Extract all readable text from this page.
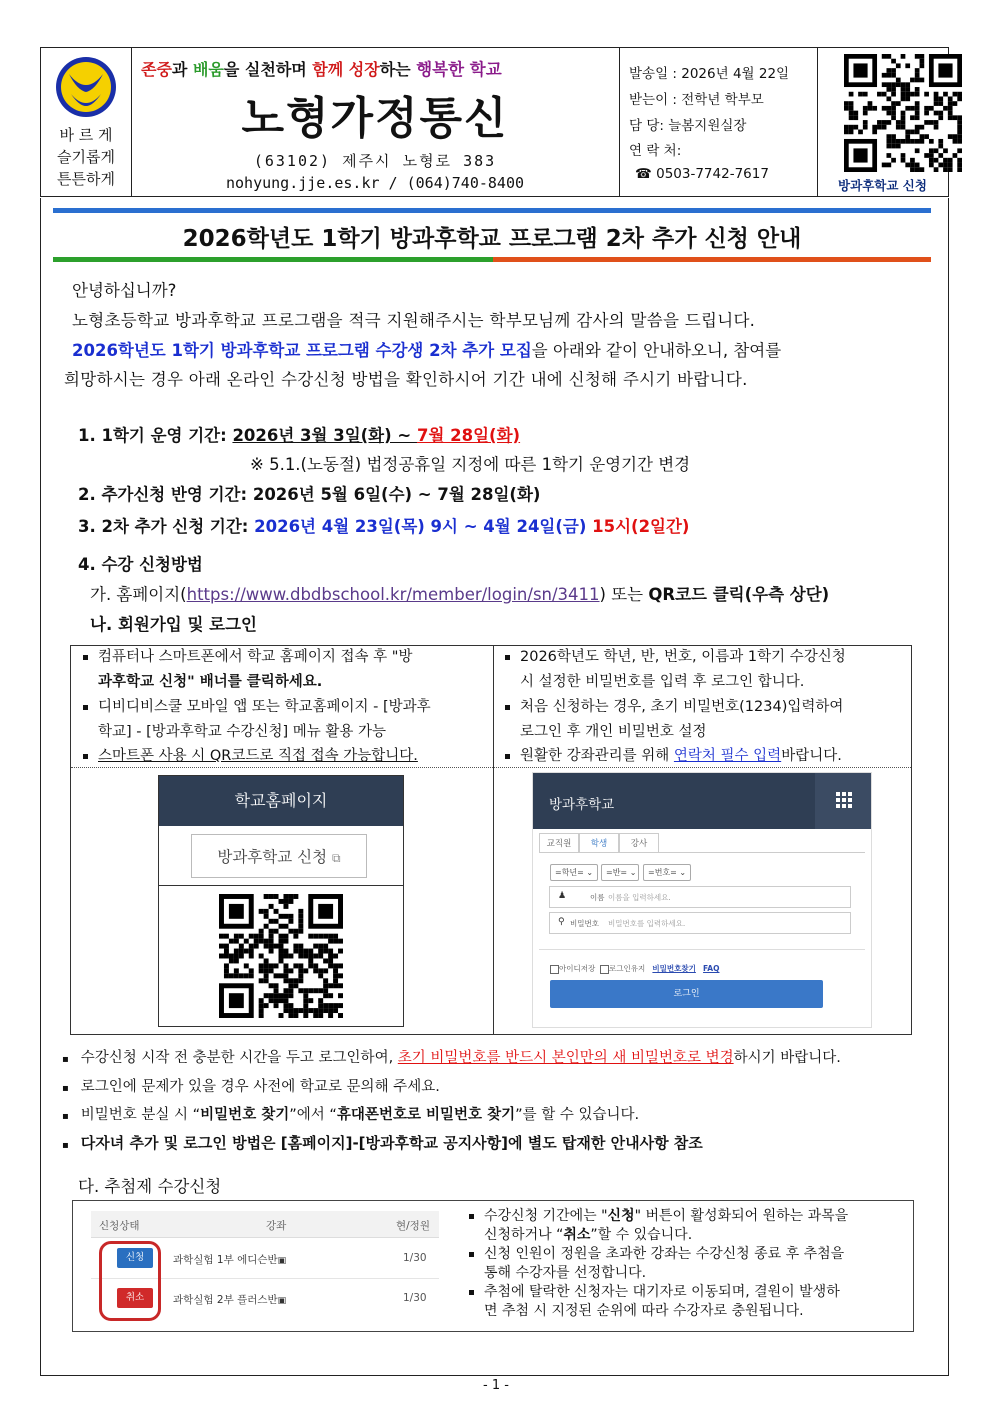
바 르 게
슬기롭게
튼튼하게
존중과 배움을 실천하며 함께 성장하는 행복한 학교
노형가정통신
(63102) 제주시 노형로 383
nohyung.jje.es.kr / (064)740-8400
발송일 : 2026년 4월 22일
받는이 : 전학년 학부모
담 당: 늘봄지원실장
연 락 처:
☎ 0503-7742-7617
방과후학교 신청
2026학년도 1학기 방과후학교 프로그램 2차 추가 신청 안내
안녕하십니까?
노형초등학교 방과후학교 프로그램을 적극 지원해주시는 학부모님께 감사의 말씀을 드립니다.
2026학년도 1학기 방과후학교 프로그램 수강생 2차 추가 모집을 아래와 같이 안내하오니, 참여를
희망하시는 경우 아래 온라인 수강신청 방법을 확인하시어 기간 내에 신청해 주시기 바랍니다.
1. 1학기 운영 기간: 2026년 3월 3일(화) ~ 7월 28일(화)
※ 5.1.(노동절) 법정공휴일 지정에 따른 1학기 운영기간 변경
2. 추가신청 반영 기간: 2026년 5월 6일(수) ~ 7월 28일(화)
3. 2차 추가 신청 기간: 2026년 4월 23일(목) 9시 ~ 4월 24일(금) 15시(2일간)
4. 수강 신청방법
가. 홈페이지(https://www.dbdbschool.kr/member/login/sn/3411) 또는 QR코드 클릭(우측 상단)
나. 회원가입 및 로그인
컴퓨터나 스마트폰에서 학교 홈페이지 접속 후 "방
과후학교 신청" 배너를 클릭하세요.
디비디비스쿨 모바일 앱 또는 학교홈페이지 - [방과후
학교] - [방과후학교 수강신청] 메뉴 활용 가능
스마트폰 사용 시 QR코드로 직접 접속 가능합니다.
2026학년도 학년, 반, 번호, 이름과 1학기 수강신청
시 설정한 비밀번호를 입력 후 로그인 합니다.
처음 신청하는 경우, 초기 비밀번호(1234)입력하여
로그인 후 개인 비밀번호 설정
원활한 강좌관리를 위해 연락처 필수 입력바랍니다.
학교홈페이지
방과후학교 신청 ⧉
방과후학교
교직원	학생	강사
=학년= ⌄	=반= ⌄	=번호= ⌄
♟	이름 이름을 입력하세요.
⚲ 비밀번호 비밀번호를 입력하세요.
아이디저장 로그인유지 비밀번호찾기 FAQ
로그인
▪ 수강신청 시작 전 충분한 시간을 두고 로그인하여, 초기 비밀번호를 반드시 본인만의 새 비밀번호로 변경하시기 바랍니다.
▪ 로그인에 문제가 있을 경우 사전에 학교로 문의해 주세요.
▪ 비밀번호 분실 시 “비밀번호 찾기”에서 “휴대폰번호로 비밀번호 찾기”를 할 수 있습니다.
▪ 다자녀 추가 및 로그인 방법은 [홈페이지]-[방과후학교 공지사항]에 별도 탑재한 안내사항 참조
다. 추첨제 수강신청
신청상태	강좌	현/정원
신청	과학실험 1부 에디슨반▣	1/30
취소	과학실험 2부 플러스반▣	1/30
수강신청 기간에는 "신청" 버튼이 활성화되어 원하는 과목을
신청하거나 “취소”할 수 있습니다.
신청 인원이 정원을 초과한 강좌는 수강신청 종료 후 추첨을
통해 수강자를 선정합니다.
추첨에 탈락한 신청자는 대기자로 이동되며, 결원이 발생하
면 추첨 시 지정된 순위에 따라 수강자로 충원됩니다.
- 1 -
